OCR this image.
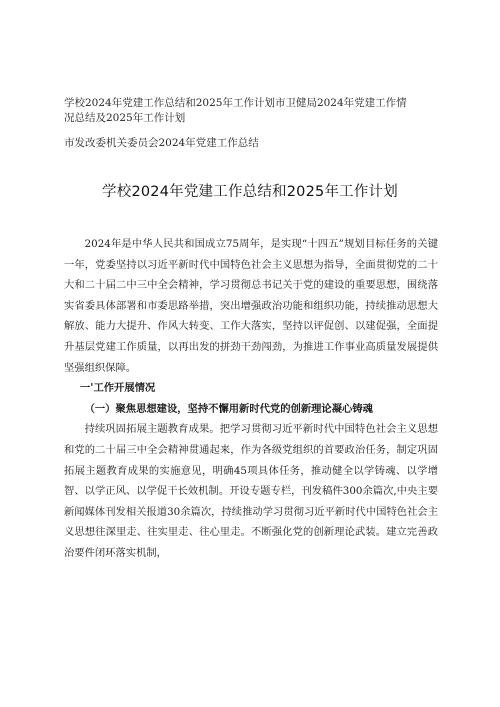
学校2024年党建工作总结和2025年工作计划市卫健局2024年党建工作情

况总结及2025年工作计划

市发改委机关委员会2024年党建工作总结

学校2024年党建工作总结和2025年工作计划

2024年是中华人民共和国成立75周年，是实现“十四五”规划目标任务的关键一年，党委坚持以习近平新时代中国特色社会主义思想为指导，全面贯彻党的二十大和二十届二中三中全会精神，学习贯彻总书记关于党的建设的重要思想，围绕落实省委具体部署和市委思路举措，突出增强政治功能和组织功能，持续推动思想大解放、能力大提升、作风大转变、工作大落实，坚持以评促创、以建促强，全面提升基层党建工作质量，以再出发的拼劲干劲闯劲，为推进工作事业高质量发展提供坚强组织保障。

一'工作开展情况

（一）聚焦思想建设，坚持不懈用新时代党的创新理论凝心铸魂

持续巩固拓展主题教育成果。把学习贯彻习近平新时代中国特色社会主义思想和党的二十届三中全会精神贯通起来，作为各级党组织的首要政治任务，制定巩固拓展主题教育成果的实施意见，明确45项具体任务，推动健全以学铸魂、以学增智、以学正风、以学促干长效机制。开设专题专栏，刊发稿件300余篇次,中央主要新闻媒体刊发相关报道30余篇次，持续推动学习贯彻习近平新时代中国特色社会主义思想往深里走、往实里走、往心里走。不断强化党的创新理论武装。建立完善政治要件闭环落实机制，
